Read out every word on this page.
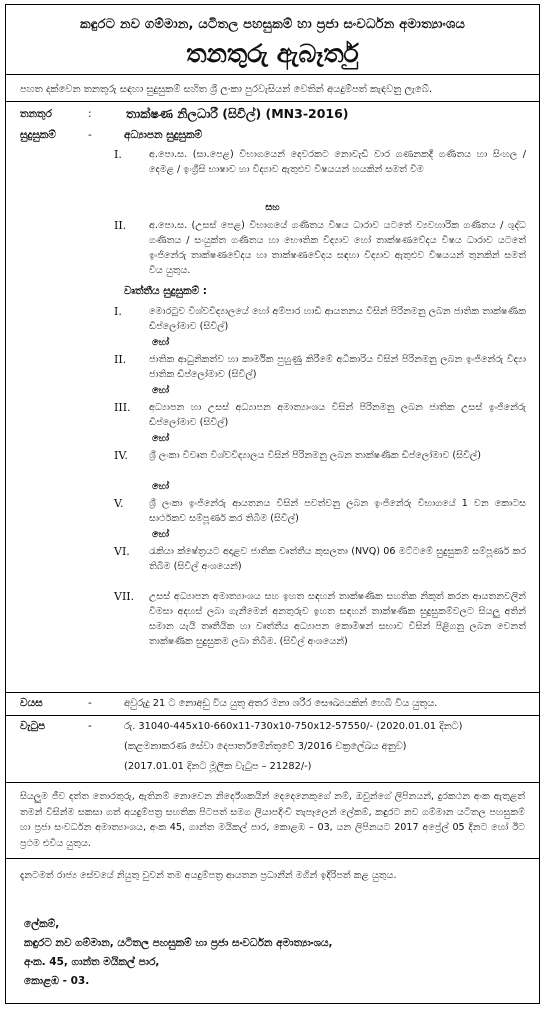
කඳුරට නව ගම්මාන, යටිතල පහසුකම් හා ප්‍රජා සංවර්ධන අමාත්‍යාංශය
තනතුරු ඇබෑර්තු
පහත දක්වෙන තනතුරු සඳහා සුදුසුකම් සහිත ශ්‍රී ලංකා පුරවැසියන් වෙතින් අයදුම්පත් කැඳවනු ලැබේ.
තනතුර	:	තාක්ෂණ නිලධාරී (සිවිල්) (MN3-2016)
සුදුසුකම්	-	අධ්‍යාපන සුදුසුකම්
I.	අ.පො.ස. (සා.පෙළ) විභාගයෙන් දෙවරකට නොවැඩි වාර ගණනකදී ගණිතය හා සිංහල / දෙමළ / ඉංග්‍රීසි භාෂාව හා විද්‍යාව ඇතුළුව විෂයයන් හයකින් සමත් වීම
සහ
II. අ.පො.ස. (උසස් පෙළ) විභාගයේ ගණිතය විෂය ධාරාව යටතේ ව්‍යවහාරික ගණිතය / ශුද්ධ ගණිතය / සංයුක්ත ගණිතය හා භෞතික විද්‍යාව හෝ තාක්ෂණවේදය විෂය ධාරාව යටතේ ඉංජිනේරු තාක්ෂණවේදය හා තාක්ෂණවේදය සඳහා විද්‍යාව ඇතුළුව විෂයයන් තුනකින් සමත් විය යුතුය.
වෘත්තීය සුදුසුකම් :
I.	මොරටුව විශ්වවිද්‍යාලයේ හෝ අම්පාර හාඩි ආයතනය විසින් පිරිනමනු ලබන ජාතික තාක්ෂණික ඩිප්ලෝමාව (සිවිල්)
හෝ
II. ජාතික ආධුනිකත්ව හා කාර්මික පුහුණු කිරීමේ අධිකාරිය විසින් පිරිනමනු ලබන ඉංජිනේරු විද්‍යා ජාතික ඩිප්ලෝමාව (සිවිල්)
හෝ
III. අධ්‍යාපන හා උසස් අධ්‍යාපන අමාත්‍යාංශය විසින් පිරිනමනු ලබන ජාතික උසස් ඉංජිනේරු ඩිප්ලෝමාව (සිවිල්)
හෝ
IV. ශ්‍රී ලංකා විවෘත විශ්වවිද්‍යාලය විසින් පිරිනමනු ලබන තාක්ෂණික ඩිප්ලෝමාව (සිවිල්)
හෝ
V.	ශ්‍රී ලංකා ඉංජිනේරු ආයතනය විසින් පවත්වනු ලබන ඉංජිනේරු විභාගයේ 1 වන කොටස සාර්ථකව සම්පූර්ණ කර තිබීම (සිවිල්)
හෝ
VI. රැකියා ක්ෂේත්‍රයට අදාළව ජාතික වෘත්තීය කුසලතා (NVQ) 06 මට්ටමේ සුදුසුකම් සම්පූර්ණ කර තිබීම (සිවිල් අංශයෙන්)
VII. උසස් අධ්‍යාපන අමාත්‍යාංශය සහ ඉහත සඳහන් තාක්ෂණික සහතික නිකුත් කරන ආයතනවලින් විමසා අදහස් ලබා ගැනීමෙන් අනතුරුව ඉහත සඳහන් තාක්ෂණික සුදුසුකම්වලට සියලු අතින් සමාන යැයි තෘතීයික හා වෘත්තීය අධ්‍යාපන කොමිෂන් සභාව විසින් පිළිගනු ලබන වෙනත් තාක්ෂණික සුදුසුකම ලබා තිබීම. (සිවිල් අංශයෙන්)
වයස	-	අවුරුදු 21 ට නොඅඩු විය යුතු අතර මනා ශරීර සෞඛ්‍යයකින් හෙබි විය යුතුය.
වැටුප	-	රු. 31040-445x10-660x11-730x10-750x12-57550/- (2020.01.01 දිනට)
(කළමනාකරණ සේවා දෙපාර්තමේන්තුවේ 3/2016 චක්‍රලේඛය අනුව)
(2017.01.01 දිනට මූලික වැටුප – 21282/-)
සියලුම ජීව දත්ත තොරතුරු, ඇතිනම් නොවෙන නිර්දේශකයින් දෙදෙනෙකුගේ නම්, ඔවුන්ගේ ලිපිනයන්, දුරකථන අංක ඇතුළත් තමන් විසින්ම සකසා ගත් අයදුම්පත්‍ර සහතික පිටපත් සමග ලියාපදිංචි තැපෑලෙන් ලේකම්, කඳුරට නව ගම්මාන යටිතල පහසුකම් හා ප්‍රජා සංවර්ධන අමාත්‍යාංශය, අංක 45, ගාන්ත මයිකල් පාර, කොළඹ – 03, යන ලිපිනයට 2017 අප්‍රේල් 05 දිනට හෝ ඊට ප්‍රථම එවිය යුතුය.
දැනටමත් රාජ්‍ය සේවයේ නියුතු වුවන් තම අයදුම්පත්‍ර ආයතන ප්‍රධානීන් මගින් ඉදිරිපත් කළ යුතුය.
ලේකම්,
කඳුරට නව ගම්මාන, යටිතල පහසුකම් හා ප්‍රජා සංවර්ධන අමාත්‍යාංශය,
අංක. 45, ගාන්ත මයිකල් පාර,
කොළඹ - 03.
